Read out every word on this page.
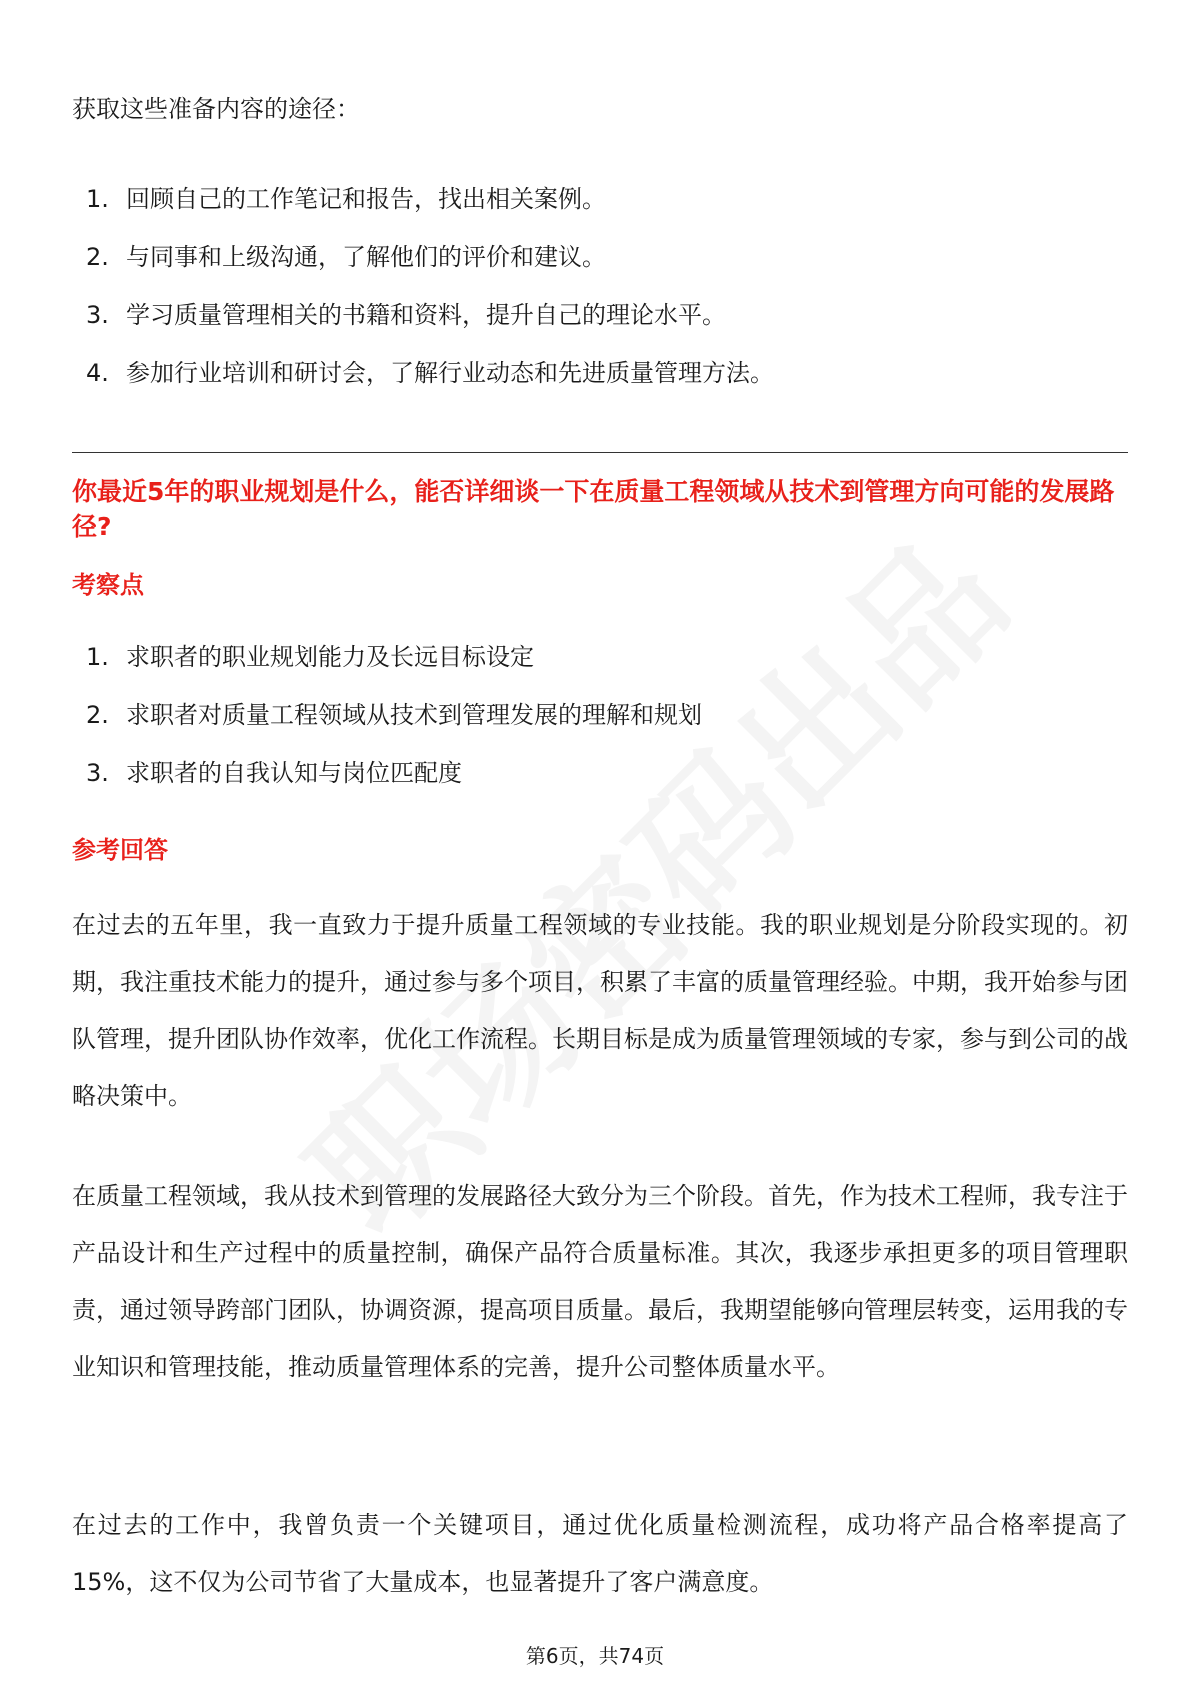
获取这些准备内容的途径：

1. 回顾自己的工作笔记和报告，找出相关案例。
2. 与同事和上级沟通，了解他们的评价和建议。
3. 学习质量管理相关的书籍和资料，提升自己的理论水平。
4. 参加行业培训和研讨会，了解行业动态和先进质量管理方法。

你最近5年的职业规划是什么，能否详细谈一下在质量工程领域从技术到管理方向可能的发展路径?

考察点
1. 求职者的职业规划能力及长远目标设定
2. 求职者对质量工程领域从技术到管理发展的理解和规划
3. 求职者的自我认知与岗位匹配度
参考回答

在过去的五年里，我一直致力于提升质量工程领域的专业技能。我的职业规划是分阶段实现的。初期，我注重技术能力的提升，通过参与多个项目，积累了丰富的质量管理经验。中期，我开始参与团队管理，提升团队协作效率，优化工作流程。长期目标是成为质量管理领域的专家，参与到公司的战略决策中。

在质量工程领域，我从技术到管理的发展路径大致分为三个阶段。首先，作为技术工程师，我专注于产品设计和生产过程中的质量控制，确保产品符合质量标准。其次，我逐步承担更多的项目管理职责，通过领导跨部门团队，协调资源，提高项目质量。最后，我期望能够向管理层转变，运用我的专业知识和管理技能，推动质量管理体系的完善，提升公司整体质量水平。

在过去的工作中，我曾负责一个关键项目，通过优化质量检测流程，成功将产品合格率提高了15%，这不仅为公司节省了大量成本，也显著提升了客户满意度。

第6页，共74页
